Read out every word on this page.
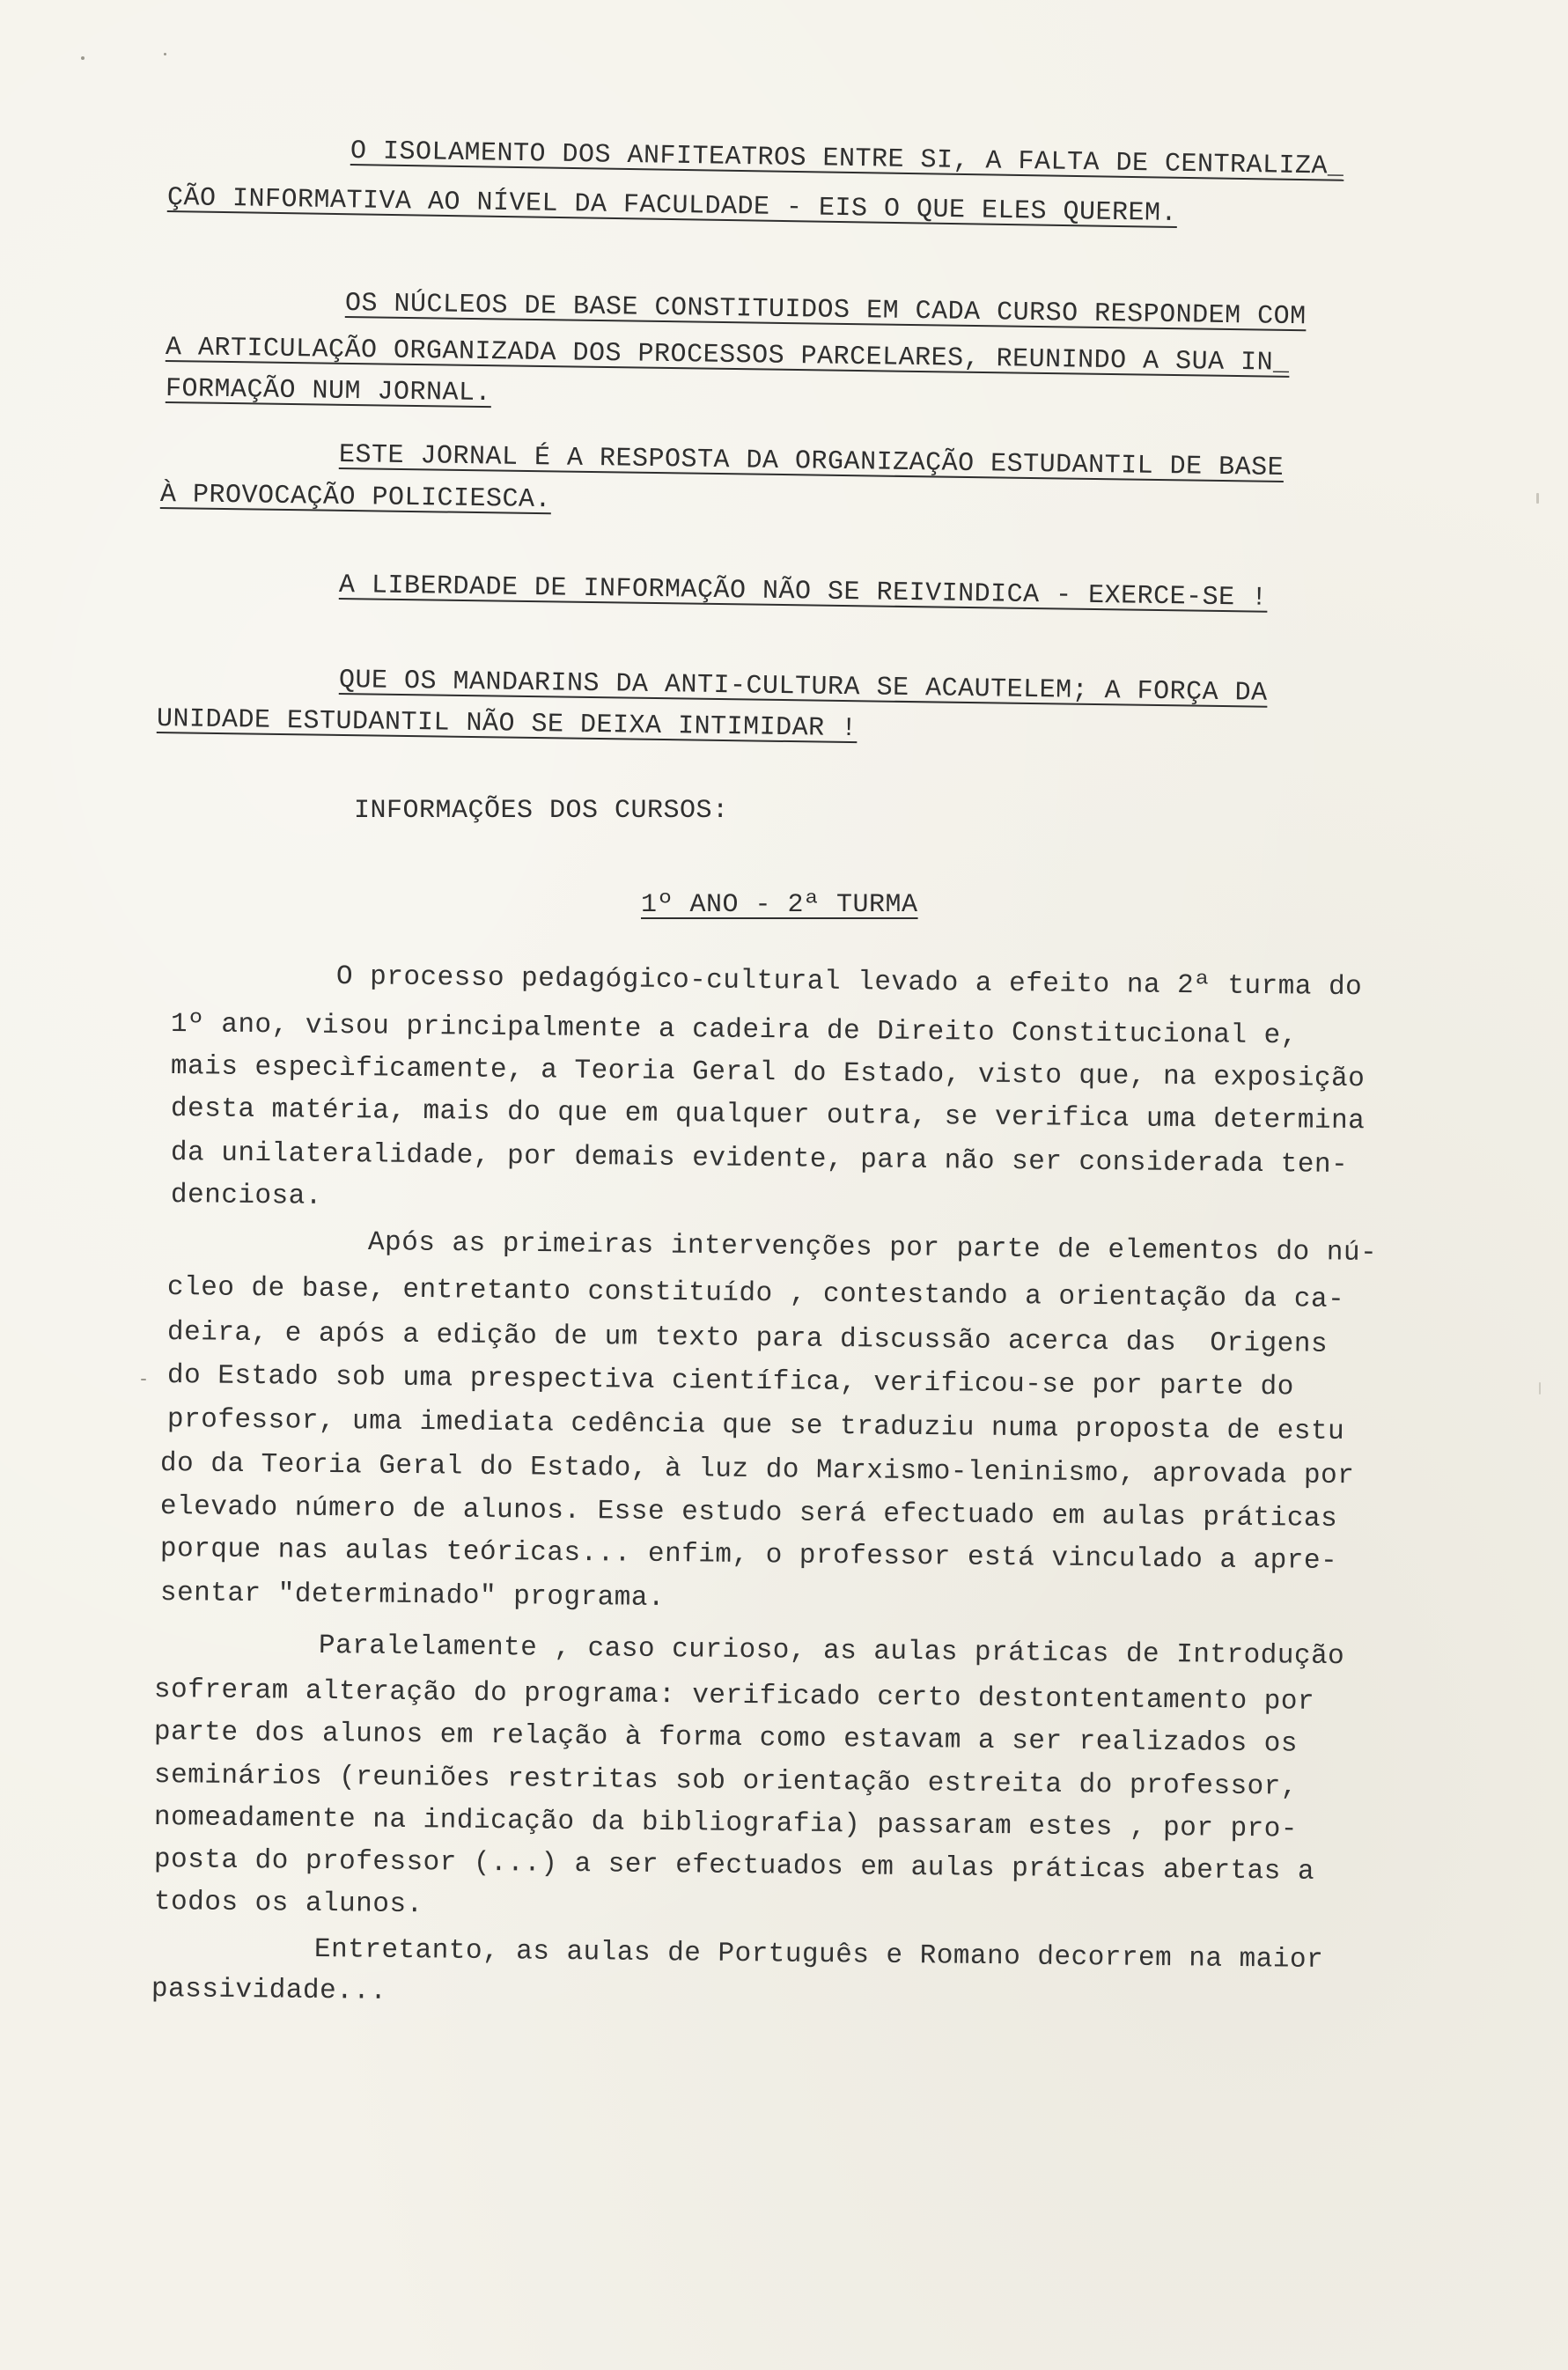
O ISOLAMENTO DOS ANFITEATROS ENTRE SI, A FALTA DE CENTRALIZA_
ÇÃO INFORMATIVA AO NÍVEL DA FACULDADE - EIS O QUE ELES QUEREM.
OS NÚCLEOS DE BASE CONSTITUIDOS EM CADA CURSO RESPONDEM COM
A ARTICULAÇÃO ORGANIZADA DOS PROCESSOS PARCELARES, REUNINDO A SUA IN_
FORMAÇÃO NUM JORNAL.
ESTE JORNAL É A RESPOSTA DA ORGANIZAÇÃO ESTUDANTIL DE BASE
À PROVOCAÇÃO POLICIESCA.
A LIBERDADE DE INFORMAÇÃO NÃO SE REIVINDICA - EXERCE-SE !
QUE OS MANDARINS DA ANTI-CULTURA SE ACAUTELEM; A FORÇA DA
UNIDADE ESTUDANTIL NÃO SE DEIXA INTIMIDAR !
INFORMAÇÕES DOS CURSOS:
1º ANO - 2ª TURMA
O processo pedagógico-cultural levado a efeito na 2ª turma do
1º ano, visou principalmente a cadeira de Direito Constitucional e,
mais especìficamente, a Teoria Geral do Estado, visto que, na exposição
desta matéria, mais do que em qualquer outra, se verifica uma determina
da unilateralidade, por demais evidente, para não ser considerada ten-
denciosa.
Após as primeiras intervenções por parte de elementos do nú-
cleo de base, entretanto constituído , contestando a orientação da ca-
deira, e após a edição de um texto para discussão acerca das  Origens
do Estado sob uma prespectiva científica, verificou-se por parte do
professor, uma imediata cedência que se traduziu numa proposta de estu
do da Teoria Geral do Estado, à luz do Marxismo-leninismo, aprovada por
elevado número de alunos. Esse estudo será efectuado em aulas práticas
porque nas aulas teóricas... enfim, o professor está vinculado a apre-
sentar "determinado" programa.
Paralelamente , caso curioso, as aulas práticas de Introdução
sofreram alteração do programa: verificado certo destontentamento por
parte dos alunos em relação à forma como estavam a ser realizados os
seminários (reuniões restritas sob orientação estreita do professor,
nomeadamente na indicação da bibliografia) passaram estes , por pro-
posta do professor (...) a ser efectuados em aulas práticas abertas a
todos os alunos.
Entretanto, as aulas de Português e Romano decorrem na maior
passividade...
